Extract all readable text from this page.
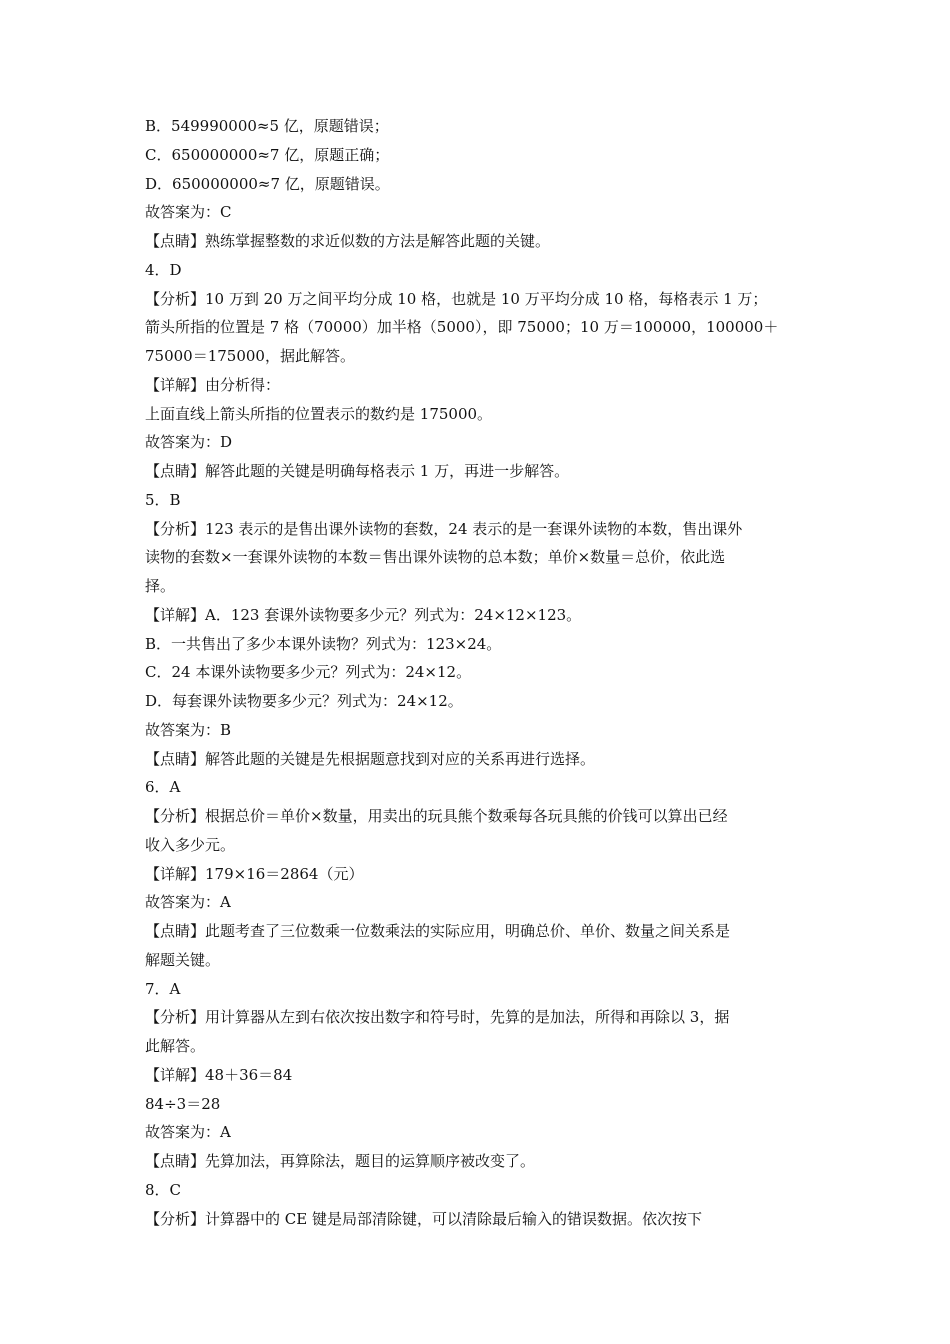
B．549990000≈5 亿，原题错误；
C．650000000≈7 亿，原题正确；
D．650000000≈7 亿，原题错误。
故答案为：C
【点睛】熟练掌握整数的求近似数的方法是解答此题的关键。
4．D
【分析】10 万到 20 万之间平均分成 10 格，也就是 10 万平均分成 10 格，每格表示 1 万；
箭头所指的位置是 7 格（70000）加半格（5000），即 75000；10 万＝100000，100000＋
75000＝175000，据此解答。
【详解】由分析得：
上面直线上箭头所指的位置表示的数约是 175000。
故答案为：D
【点睛】解答此题的关键是明确每格表示 1 万，再进一步解答。
5．B
【分析】123 表示的是售出课外读物的套数，24 表示的是一套课外读物的本数，售出课外
读物的套数×一套课外读物的本数＝售出课外读物的总本数；单价×数量＝总价，依此选
择。
【详解】A．123 套课外读物要多少元？列式为：24×12×123。
B．一共售出了多少本课外读物？列式为：123×24。
C．24 本课外读物要多少元？列式为：24×12。
D．每套课外读物要多少元？列式为：24×12。
故答案为：B
【点睛】解答此题的关键是先根据题意找到对应的关系再进行选择。
6．A
【分析】根据总价＝单价×数量，用卖出的玩具熊个数乘每各玩具熊的价钱可以算出已经
收入多少元。
【详解】179×16＝2864（元）
故答案为：A
【点睛】此题考查了三位数乘一位数乘法的实际应用，明确总价、单价、数量之间关系是
解题关键。
7．A
【分析】用计算器从左到右依次按出数字和符号时，先算的是加法，所得和再除以 3，据
此解答。
【详解】48＋36＝84
84÷3＝28
故答案为：A
【点睛】先算加法，再算除法，题目的运算顺序被改变了。
8．C
【分析】计算器中的 CE 键是局部清除键，可以清除最后输入的错误数据。依次按下
